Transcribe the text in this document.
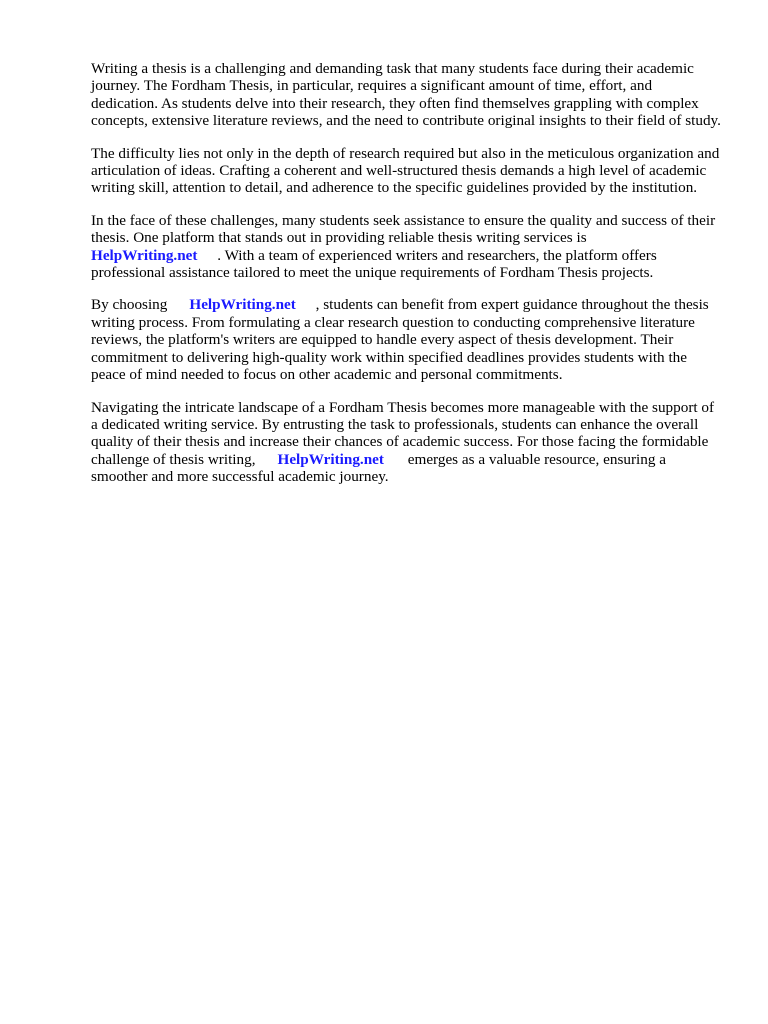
Writing a thesis is a challenging and demanding task that many students face during their academic journey. The Fordham Thesis, in particular, requires a significant amount of time, effort, and dedication. As students delve into their research, they often find themselves grappling with complex concepts, extensive literature reviews, and the need to contribute original insights to their field of study.

The difficulty lies not only in the depth of research required but also in the meticulous organization and articulation of ideas. Crafting a coherent and well-structured thesis demands a high level of academic writing skill, attention to detail, and adherence to the specific guidelines provided by the institution.

In the face of these challenges, many students seek assistance to ensure the quality and success of their thesis. One platform that stands out in providing reliable thesis writing services is
HelpWriting.net . With a team of experienced writers and researchers, the platform offers professional assistance tailored to meet the unique requirements of Fordham Thesis projects.

By choosing HelpWriting.net , students can benefit from expert guidance throughout the thesis writing process. From formulating a clear research question to conducting comprehensive literature reviews, the platform's writers are equipped to handle every aspect of thesis development. Their commitment to delivering high-quality work within specified deadlines provides students with the peace of mind needed to focus on other academic and personal commitments.

Navigating the intricate landscape of a Fordham Thesis becomes more manageable with the support of a dedicated writing service. By entrusting the task to professionals, students can enhance the overall quality of their thesis and increase their chances of academic success. For those facing the formidable challenge of thesis writing, HelpWriting.net emerges as a valuable resource, ensuring a smoother and more successful academic journey.
